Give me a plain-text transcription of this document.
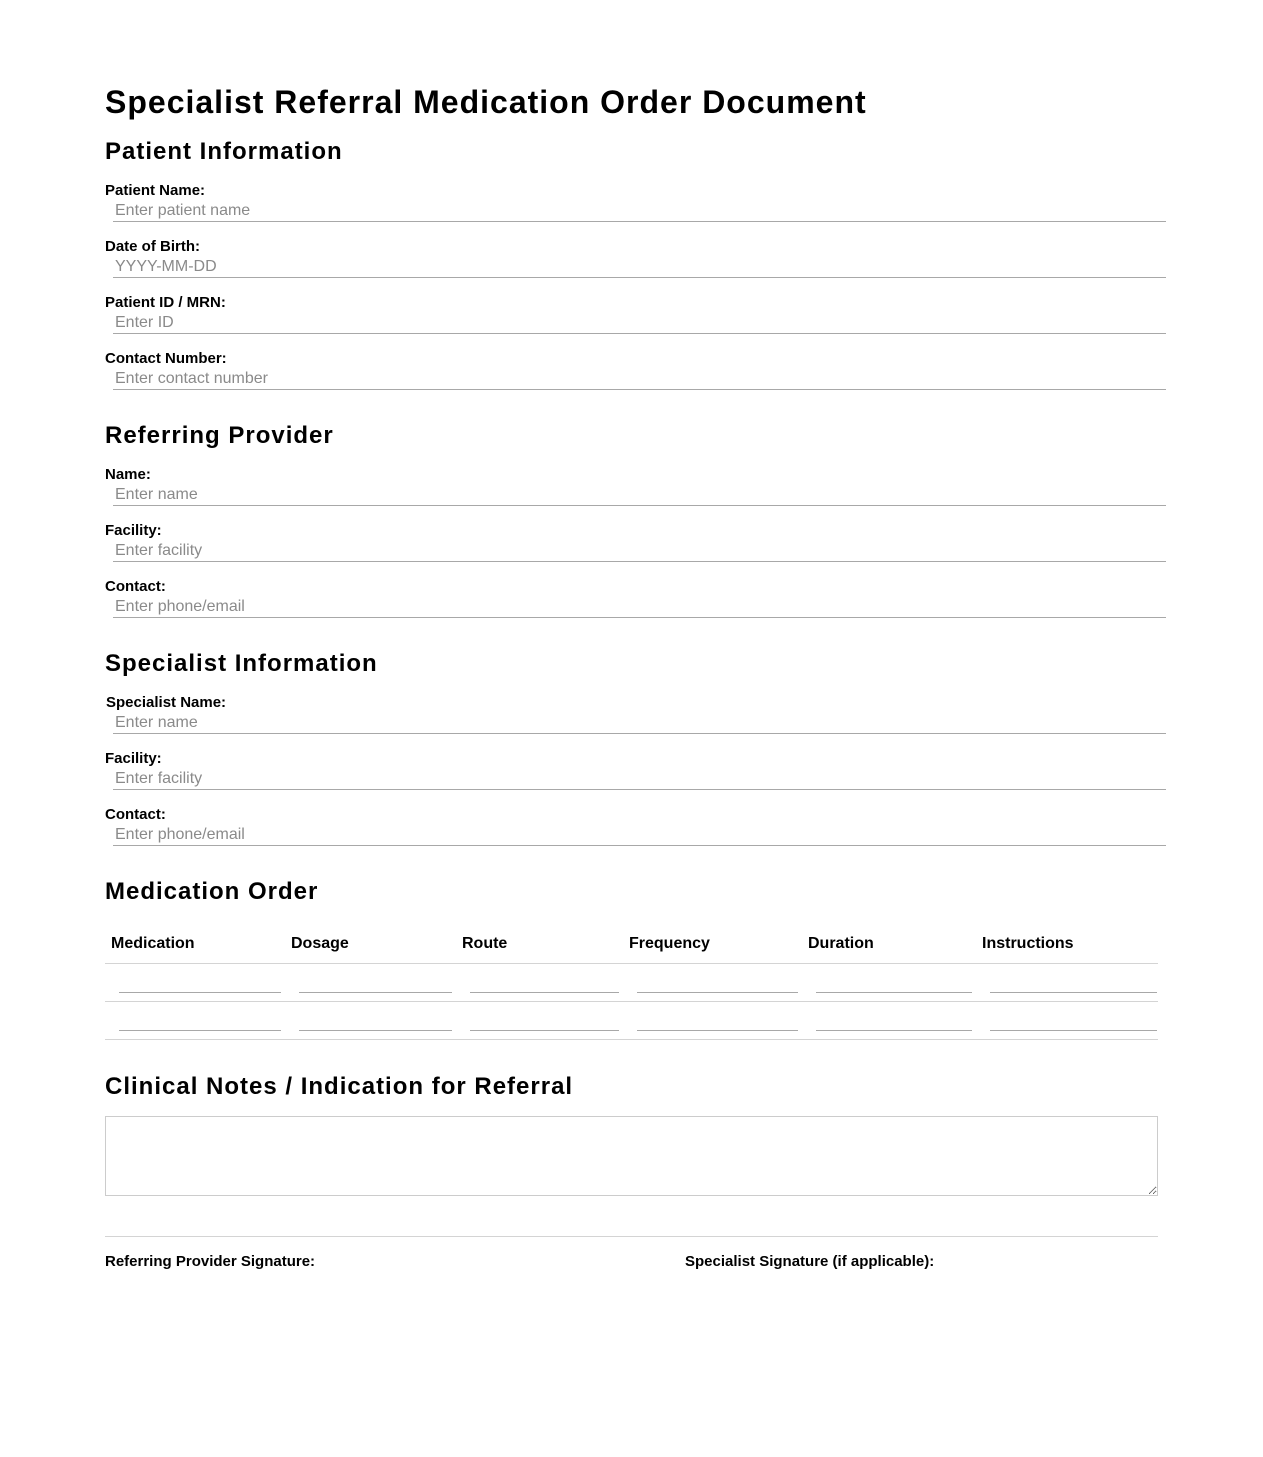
Specialist Referral Medication Order Document
Patient Information
Patient Name:
Enter patient name
Date of Birth:
YYYY-MM-DD
Patient ID / MRN:
Enter ID
Contact Number:
Enter contact number
Referring Provider
Name:
Enter name
Facility:
Enter facility
Contact:
Enter phone/email
Specialist Information
Specialist Name:
Enter name
Facility:
Enter facility
Contact:
Enter phone/email
Medication Order
Medication	Dosage	Route	Frequency	Duration	Instructions

Clinical Notes / Indication for Referral
Referring Provider Signature:	Specialist Signature (if applicable):
